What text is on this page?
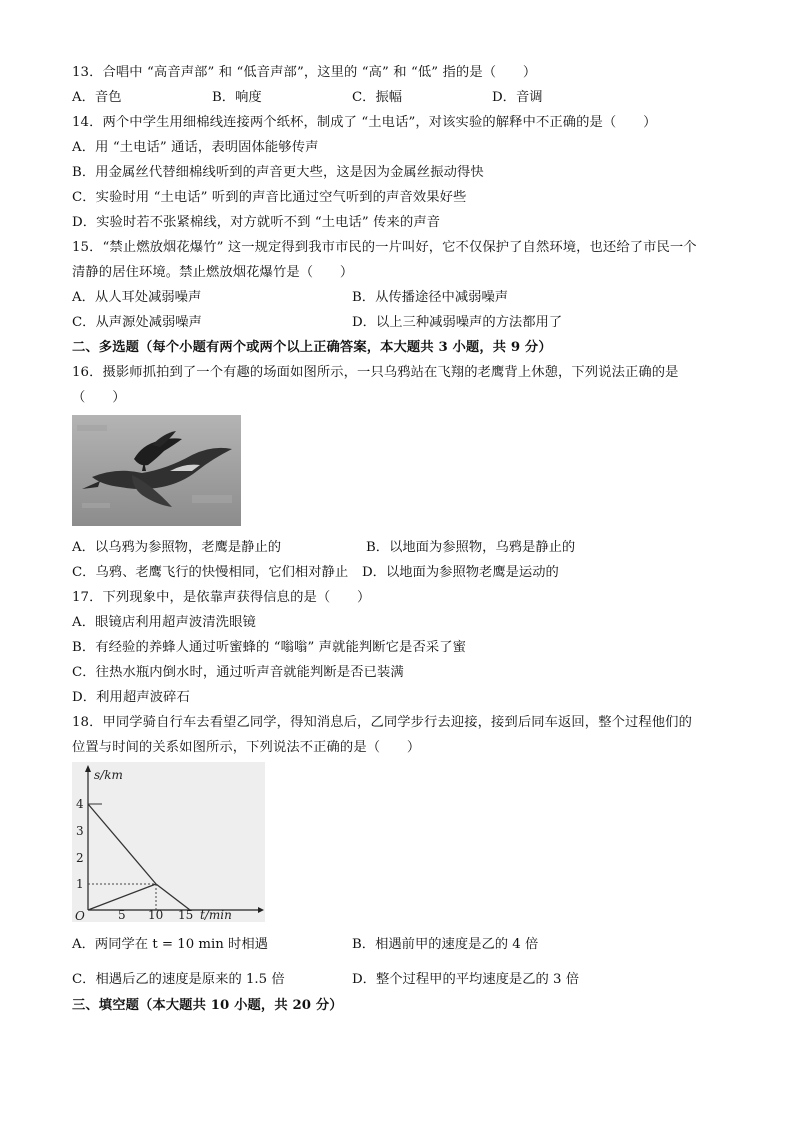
13．合唱中 “高音声部” 和 “低音声部”，这里的 “高” 和 “低” 指的是（　　）
A．音色	B．响度	C．振幅	D．音调
14．两个中学生用细棉线连接两个纸杯，制成了 “土电话”，对该实验的解释中不正确的是（　　）
A．用 “土电话” 通话，表明固体能够传声
B．用金属丝代替细棉线听到的声音更大些，这是因为金属丝振动得快
C．实验时用 “土电话” 听到的声音比通过空气听到的声音效果好些
D．实验时若不张紧棉线，对方就听不到 “土电话” 传来的声音
15．“禁止燃放烟花爆竹” 这一规定得到我市市民的一片叫好，它不仅保护了自然环境，也还给了市民一个
清静的居住环境。禁止燃放烟花爆竹是（　　）
A．从人耳处减弱噪声	B．从传播途径中减弱噪声
C．从声源处减弱噪声	D．以上三种减弱噪声的方法都用了
二、多选题（每个小题有两个或两个以上正确答案，本大题共 3 小题，共 9 分）
16．摄影师抓拍到了一个有趣的场面如图所示，一只乌鸦站在飞翔的老鹰背上休憩，下列说法正确的是
（　　）
A．以乌鸦为参照物，老鹰是静止的	B．以地面为参照物，乌鸦是静止的
C．乌鸦、老鹰飞行的快慢相同，它们相对静止 D．以地面为参照物老鹰是运动的
17．下列现象中，是依靠声获得信息的是（　　）
A．眼镜店利用超声波清洗眼镜
B．有经验的养蜂人通过听蜜蜂的 “嗡嗡” 声就能判断它是否采了蜜
C．往热水瓶内倒水时，通过听声音就能判断是否已装满
D．利用超声波碎石
18．甲同学骑自行车去看望乙同学，得知消息后，乙同学步行去迎接，接到后同车返回，整个过程他们的
位置与时间的关系如图所示，下列说法不正确的是（　　）
s/km
t/min
O
1
2
3
4
5 10 15
A．两同学在 t = 10 min 时相遇	B．相遇前甲的速度是乙的 4 倍
C．相遇后乙的速度是原来的 1.5 倍	D．整个过程甲的平均速度是乙的 3 倍
三、填空题（本大题共 10 小题，共 20 分）
